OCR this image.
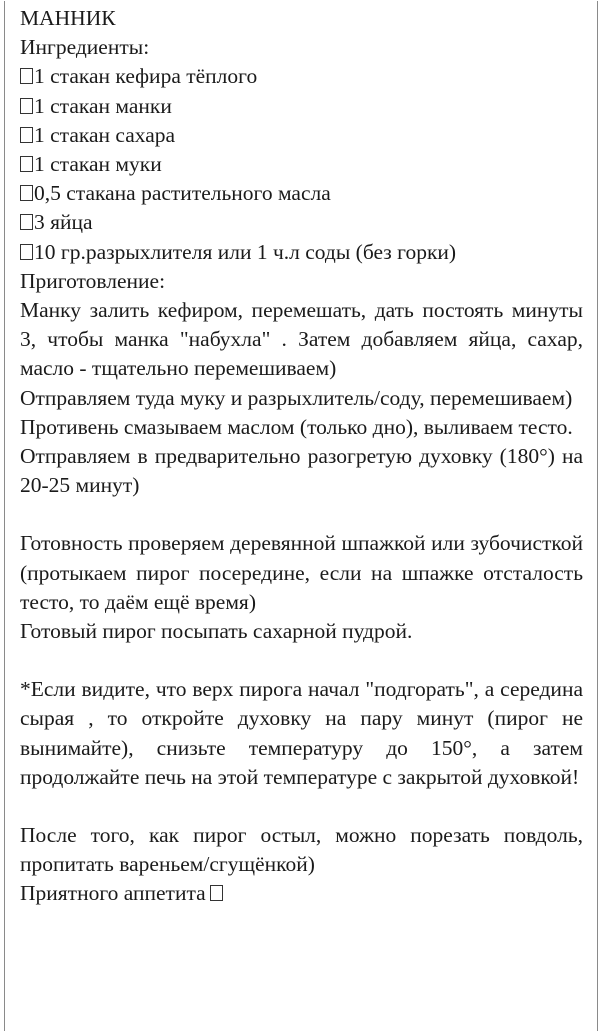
МАННИК
Ингредиенты:
1 стакан кефира тёплого
1 стакан манки
1 стакан сахара
1 стакан муки
0,5 стакана растительного масла
3 яйца
10 гр.разрыхлителя или 1 ч.л соды (без горки)
Приготовление:
Манку залить кефиром, перемешать, дать постоять минуты 3, чтобы манка "набухла" . Затем добавляем яйца, сахар, масло - тщательно перемешиваем)
Отправляем туда муку и разрыхлитель/соду, перемешиваем)
Противень смазываем маслом (только дно), выливаем тесто.
Отправляем в предварительно разогретую духовку (180°) на 20-25 минут)
Готовность проверяем деревянной шпажкой или зубочисткой (протыкаем пирог посередине, если на шпажке отсталость тесто, то даём ещё время)
Готовый пирог посыпать сахарной пудрой.
*Если видите, что верх пирога начал "подгорать", а середина сырая , то откройте духовку на пару минут (пирог не вынимайте), снизьте температуру до 150°, а затем продолжайте печь на этой температуре с закрытой духовкой!
После того, как пирог остыл, можно порезать повдоль, пропитать вареньем/сгущёнкой)
Приятного аппетита
